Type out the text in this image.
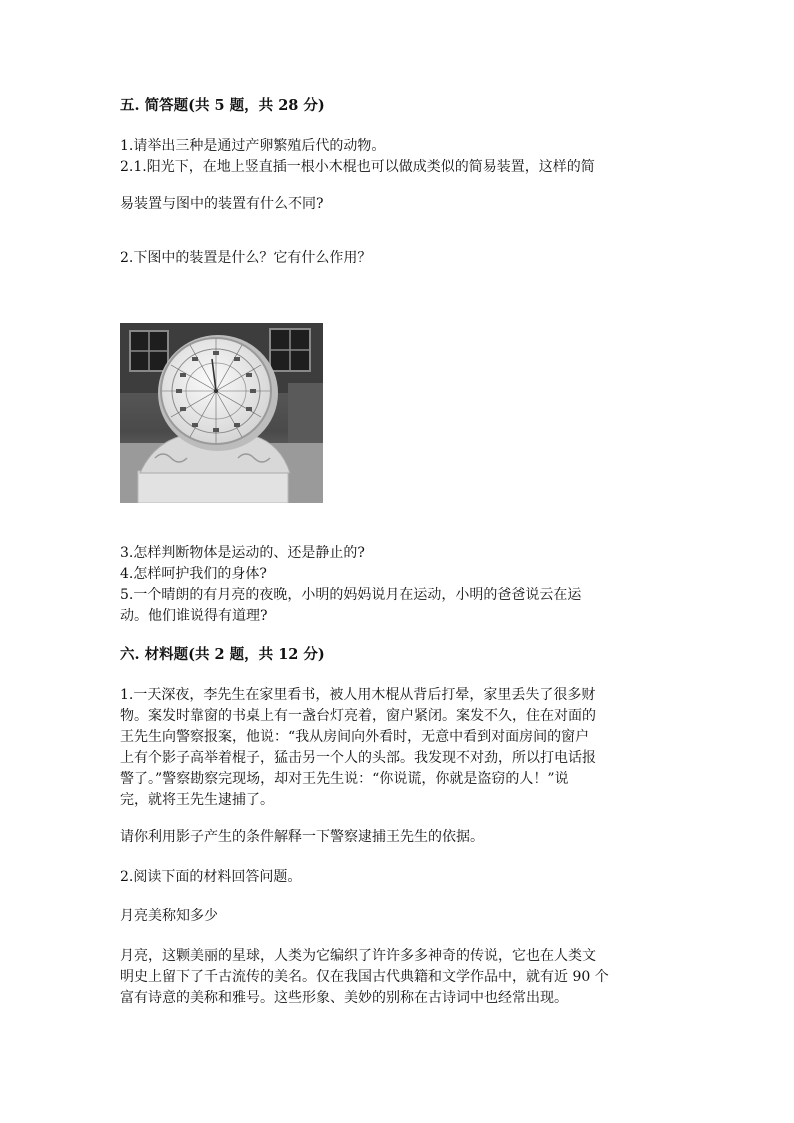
五. 简答题(共 5 题，共 28 分)
1.请举出三种是通过产卵繁殖后代的动物。
2.1.阳光下，在地上竖直插一根小木棍也可以做成类似的简易装置，这样的简
易装置与图中的装置有什么不同?
2.下图中的装置是什么？它有什么作用？
3.怎样判断物体是运动的、还是静止的?
4.怎样呵护我们的身体?
5.一个晴朗的有月亮的夜晚，小明的妈妈说月在运动，小明的爸爸说云在运
动。他们谁说得有道理?
六. 材料题(共 2 题，共 12 分)
1.一天深夜，李先生在家里看书，被人用木棍从背后打晕，家里丢失了很多财
物。案发时靠窗的书桌上有一盏台灯亮着，窗户紧闭。案发不久，住在对面的
王先生向警察报案，他说：“我从房间向外看时，无意中看到对面房间的窗户
上有个影子高举着棍子，猛击另一个人的头部。我发现不对劲，所以打电话报
警了。”警察勘察完现场，却对王先生说：“你说谎，你就是盗窃的人！”说
完，就将王先生逮捕了。
请你利用影子产生的条件解释一下警察逮捕王先生的依据。
2.阅读下面的材料回答问题。
月亮美称知多少
月亮，这颗美丽的星球，人类为它编织了许许多多神奇的传说，它也在人类文
明史上留下了千古流传的美名。仅在我国古代典籍和文学作品中，就有近 90 个
富有诗意的美称和雅号。这些形象、美妙的别称在古诗词中也经常出现。
